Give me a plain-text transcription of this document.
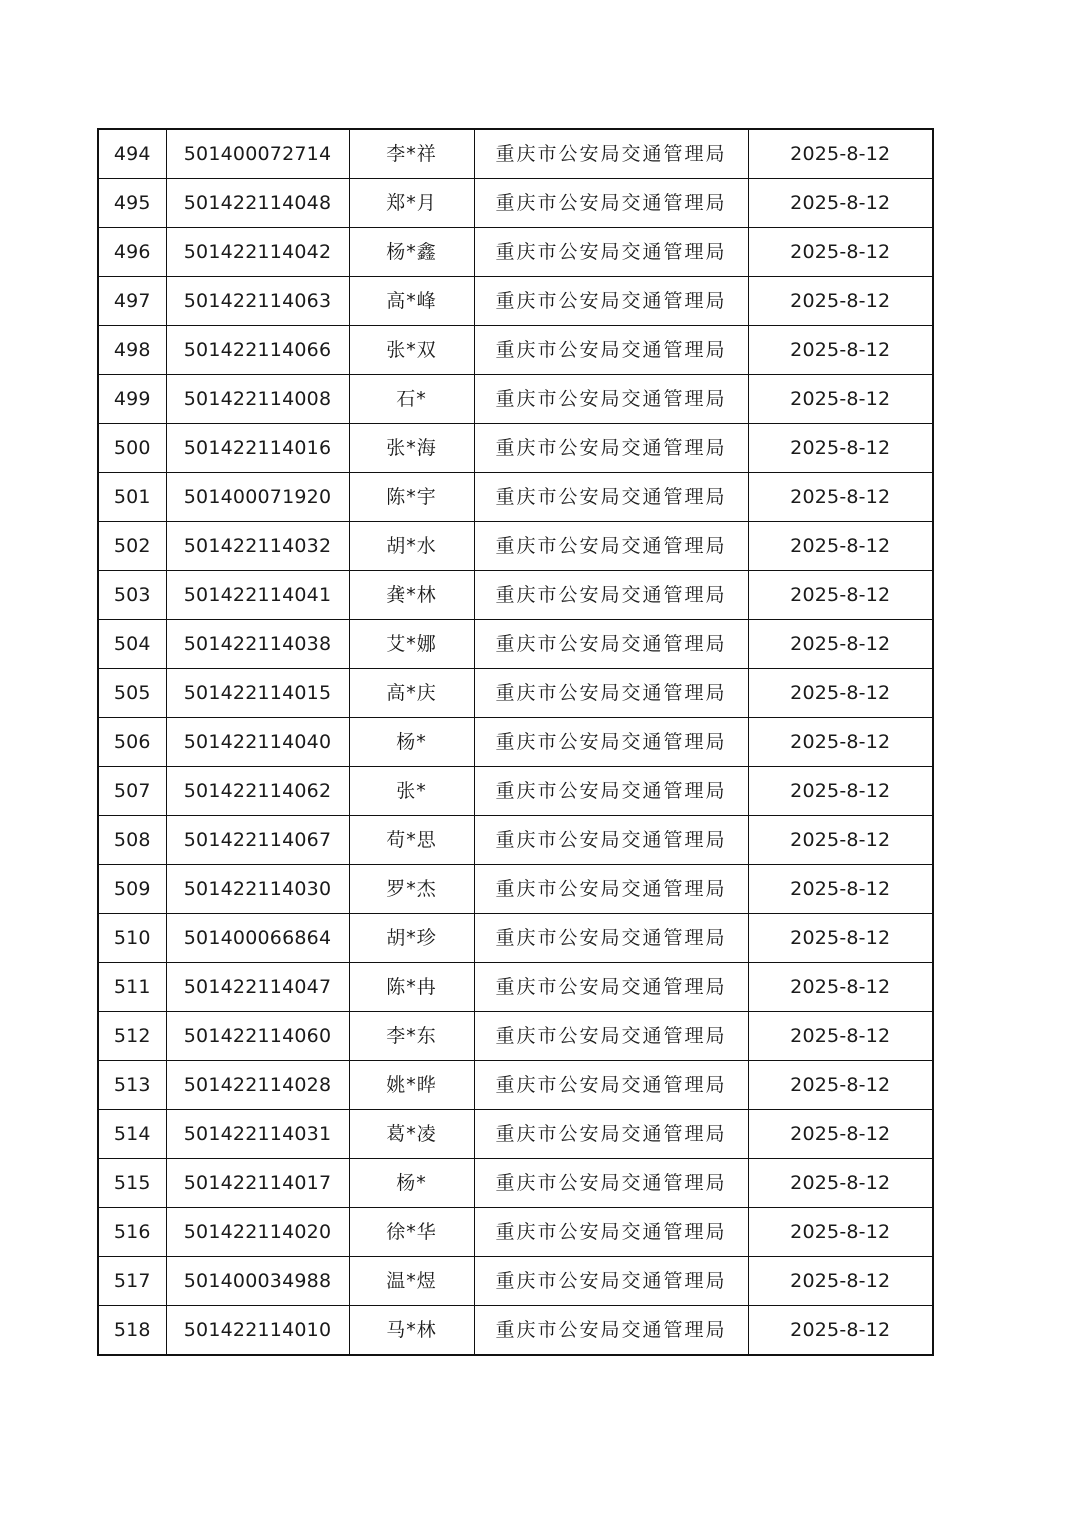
494	501400072714	李*祥	重庆市公安局交通管理局	2025-8-12
495	501422114048	郑*月	重庆市公安局交通管理局	2025-8-12
496	501422114042	杨*鑫	重庆市公安局交通管理局	2025-8-12
497	501422114063	高*峰	重庆市公安局交通管理局	2025-8-12
498	501422114066	张*双	重庆市公安局交通管理局	2025-8-12
499	501422114008	石*	重庆市公安局交通管理局	2025-8-12
500	501422114016	张*海	重庆市公安局交通管理局	2025-8-12
501	501400071920	陈*宇	重庆市公安局交通管理局	2025-8-12
502	501422114032	胡*水	重庆市公安局交通管理局	2025-8-12
503	501422114041	龚*林	重庆市公安局交通管理局	2025-8-12
504	501422114038	艾*娜	重庆市公安局交通管理局	2025-8-12
505	501422114015	高*庆	重庆市公安局交通管理局	2025-8-12
506	501422114040	杨*	重庆市公安局交通管理局	2025-8-12
507	501422114062	张*	重庆市公安局交通管理局	2025-8-12
508	501422114067	苟*思	重庆市公安局交通管理局	2025-8-12
509	501422114030	罗*杰	重庆市公安局交通管理局	2025-8-12
510	501400066864	胡*珍	重庆市公安局交通管理局	2025-8-12
511	501422114047	陈*冉	重庆市公安局交通管理局	2025-8-12
512	501422114060	李*东	重庆市公安局交通管理局	2025-8-12
513	501422114028	姚*晔	重庆市公安局交通管理局	2025-8-12
514	501422114031	葛*凌	重庆市公安局交通管理局	2025-8-12
515	501422114017	杨*	重庆市公安局交通管理局	2025-8-12
516	501422114020	徐*华	重庆市公安局交通管理局	2025-8-12
517	501400034988	温*煜	重庆市公安局交通管理局	2025-8-12
518	501422114010	马*林	重庆市公安局交通管理局	2025-8-12
